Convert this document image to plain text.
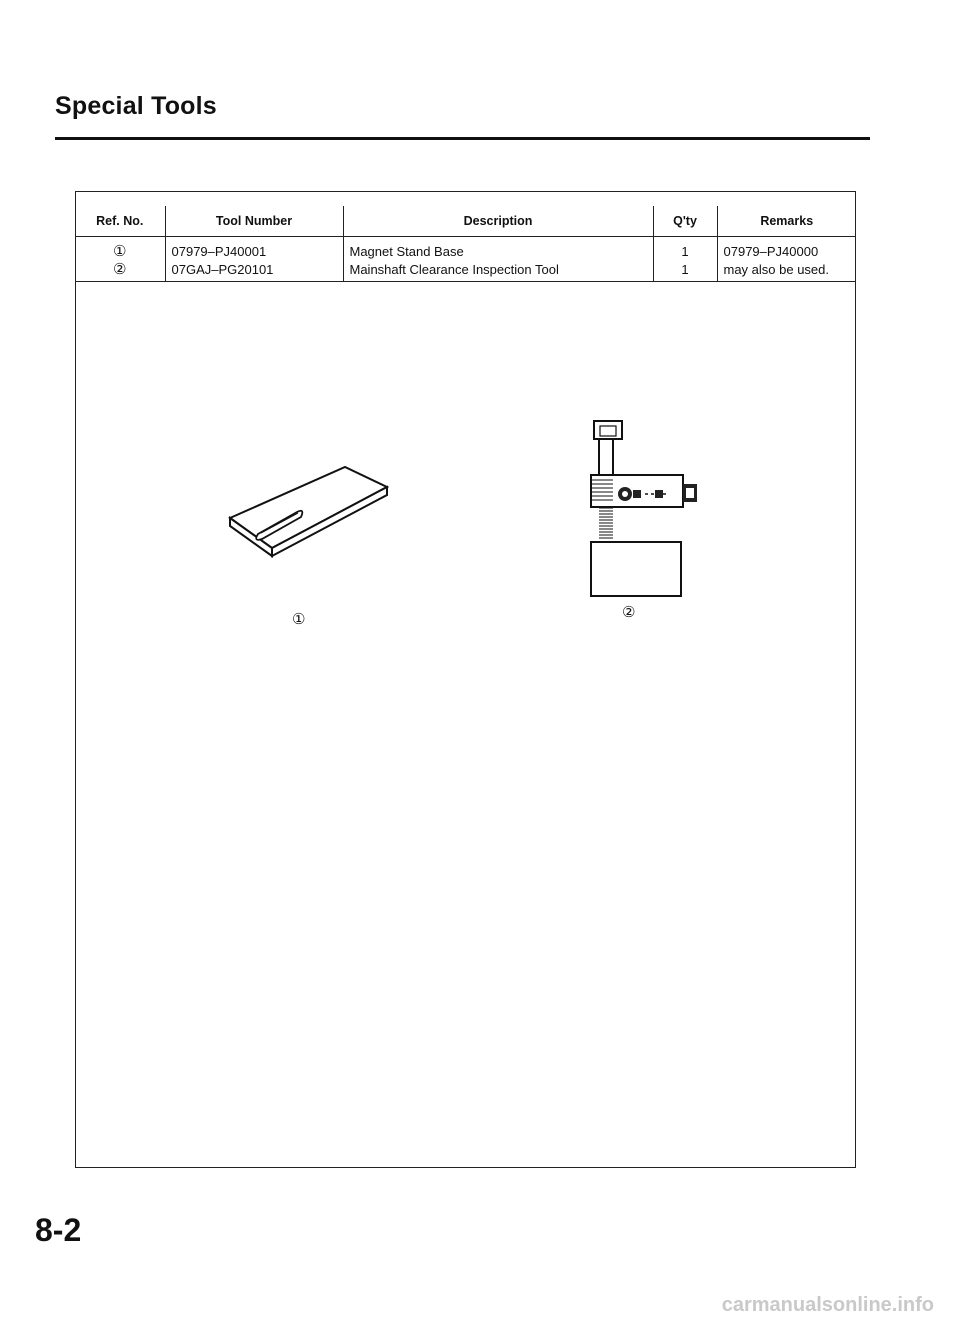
Special Tools
Ref. No.	Tool Number	Description	Q'ty	Remarks
①	07979–PJ40001	Magnet Stand Base	1	07979–PJ40000
②	07GAJ–PG20101	Mainshaft Clearance Inspection Tool	1	may also be used.
①	②
8-2
carmanualsonline.info
